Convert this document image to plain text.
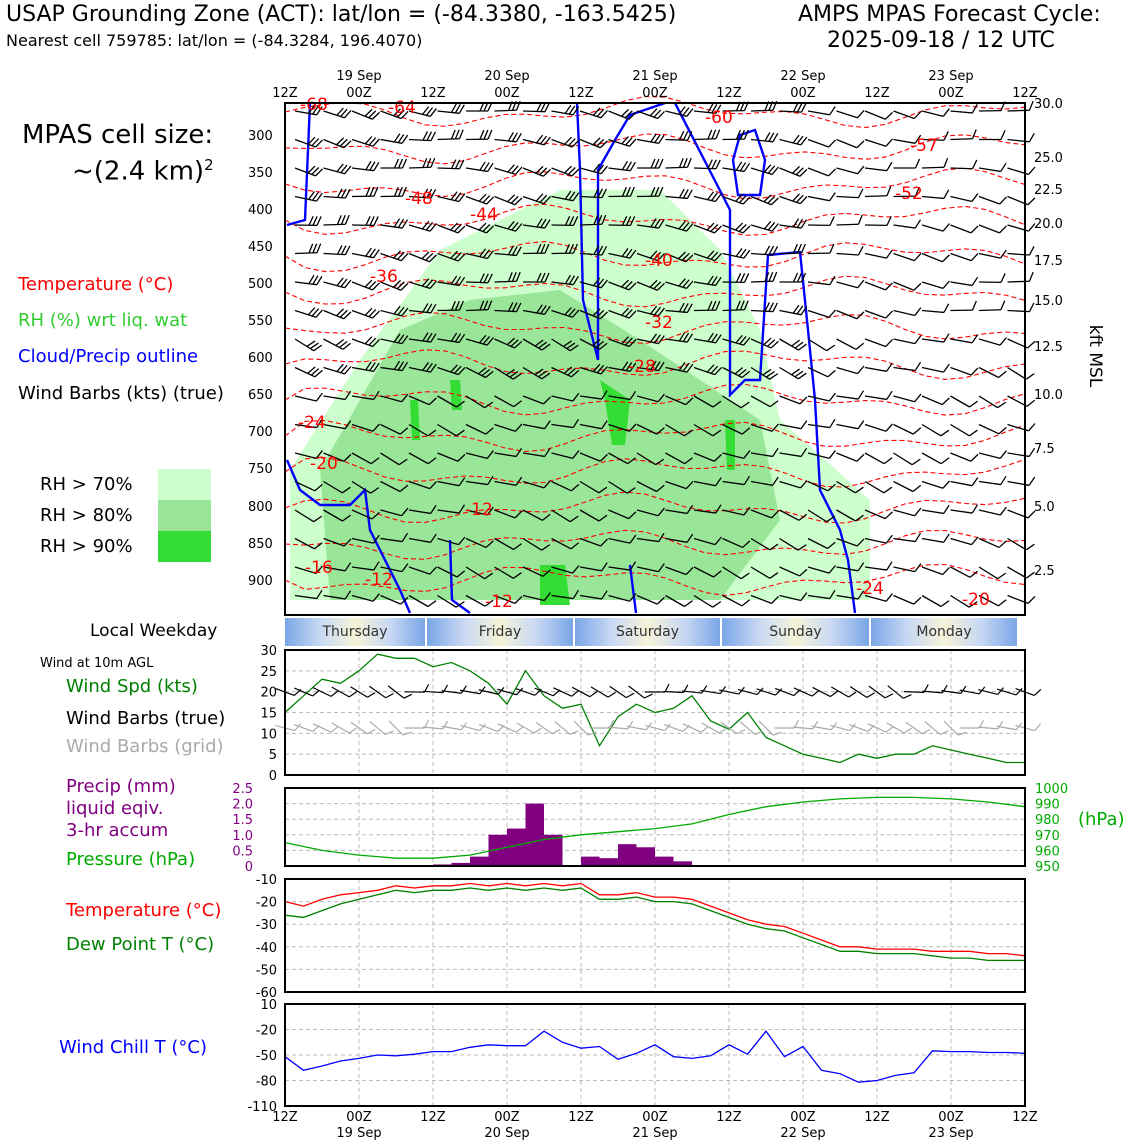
USAP Grounding Zone (ACT): lat/lon = (-84.3380, -163.5425)
Nearest cell 759785: lat/lon = (-84.3284, 196.4070)
AMPS MPAS Forecast Cycle:
2025-09-18 / 12 UTC
MPAS cell size:
~(2.4 km)$^2$
Temperature (°C)
RH (%) wrt liq. wat
Cloud/Precip outline
Wind Barbs (kts) (true)
RH > 70%
RH > 80%
RH > 90%
Local Weekday
Wind at 10m AGL
Wind Spd (kts)
Wind Barbs (true)
Wind Barbs (grid)
Precip (mm)
liquid eqiv.
3-hr accum
Pressure (hPa)
(hPa)
Temperature (°C)
Dew Point T (°C)
Wind Chill T (°C)
Thursday	Friday	Saturday	Sunday	Monday
-68	-64	-60
-57
-52
-48
-44
-40
-36
-32
-28
-24
-20
-16
-12
-12
-12	-20
-24
300
350
400
450
500
550
600
650
700
750
800
850
900
30.0
25.0
22.5
20.0
17.5
15.0
12.5
10.0
7.5
5.0
2.5
kft MSL
12Z
12Z
00Z
00Z
12Z
12Z
00Z
00Z
12Z
12Z
00Z
00Z
12Z
12Z
00Z
00Z
12Z
12Z
00Z
00Z
12Z
12Z
19 Sep
19 Sep
20 Sep
20 Sep
21 Sep
21 Sep
22 Sep
22 Sep
23 Sep
23 Sep
30
25
20
15
10
5
0
2.5
2.0
1.5
1.0
0.5
0
1000
990
980
970
960
950
-10
-20
-30
-40
-50
-60
10
-20
-50
-80
-110
